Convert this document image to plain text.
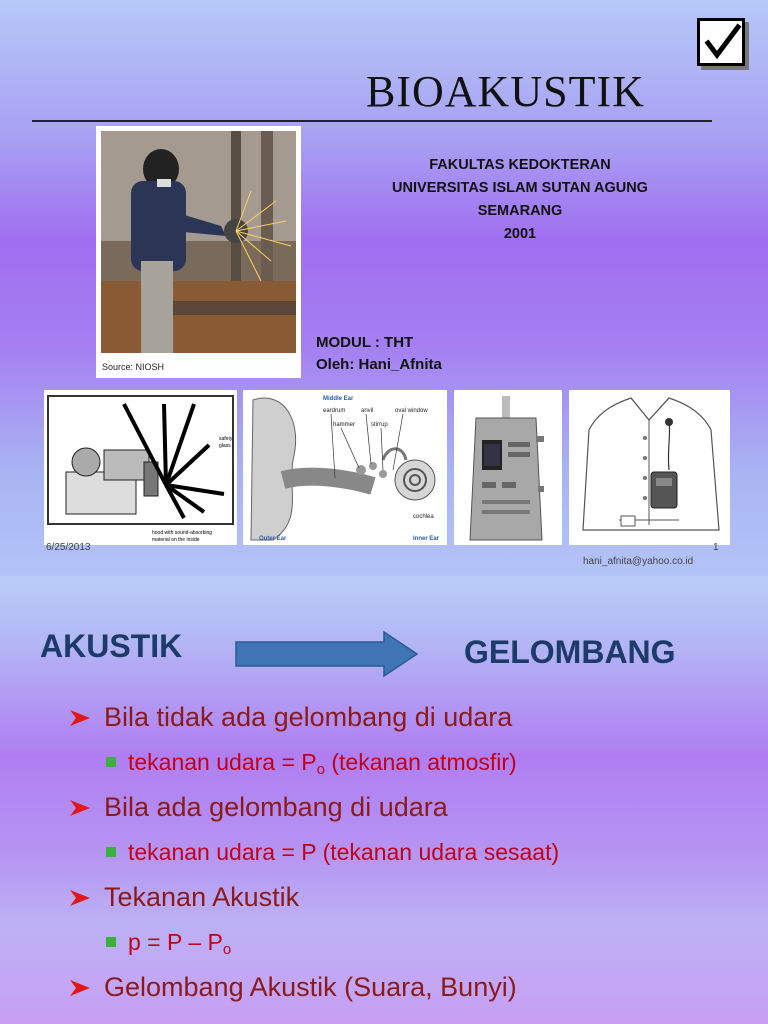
BIOAKUSTIK
Source: NIOSH
FAKULTAS KEDOKTERAN
UNIVERSITAS ISLAM SUTAN AGUNG
SEMARANG
2001
MODUL : THT
Oleh: Hani_Afnita
safety
glass
hood with sound-absorbing
material on the inside
Middle Ear
eardrum	anvil	oval window
hammer	stirrup
cochlea
Outer Ear	Inner Ear
6/25/2013	1
hani_afnita@yahoo.co.id
AKUSTIK	GELOMBANG
Bila tidak ada gelombang di udara
tekanan udara = $P_o$ (tekanan atmosfir)
Bila ada gelombang di udara
tekanan udara = P (tekanan udara sesaat)
Tekanan Akustik
$p = P - P_o$
Gelombang Akustik (Suara, Bunyi)
